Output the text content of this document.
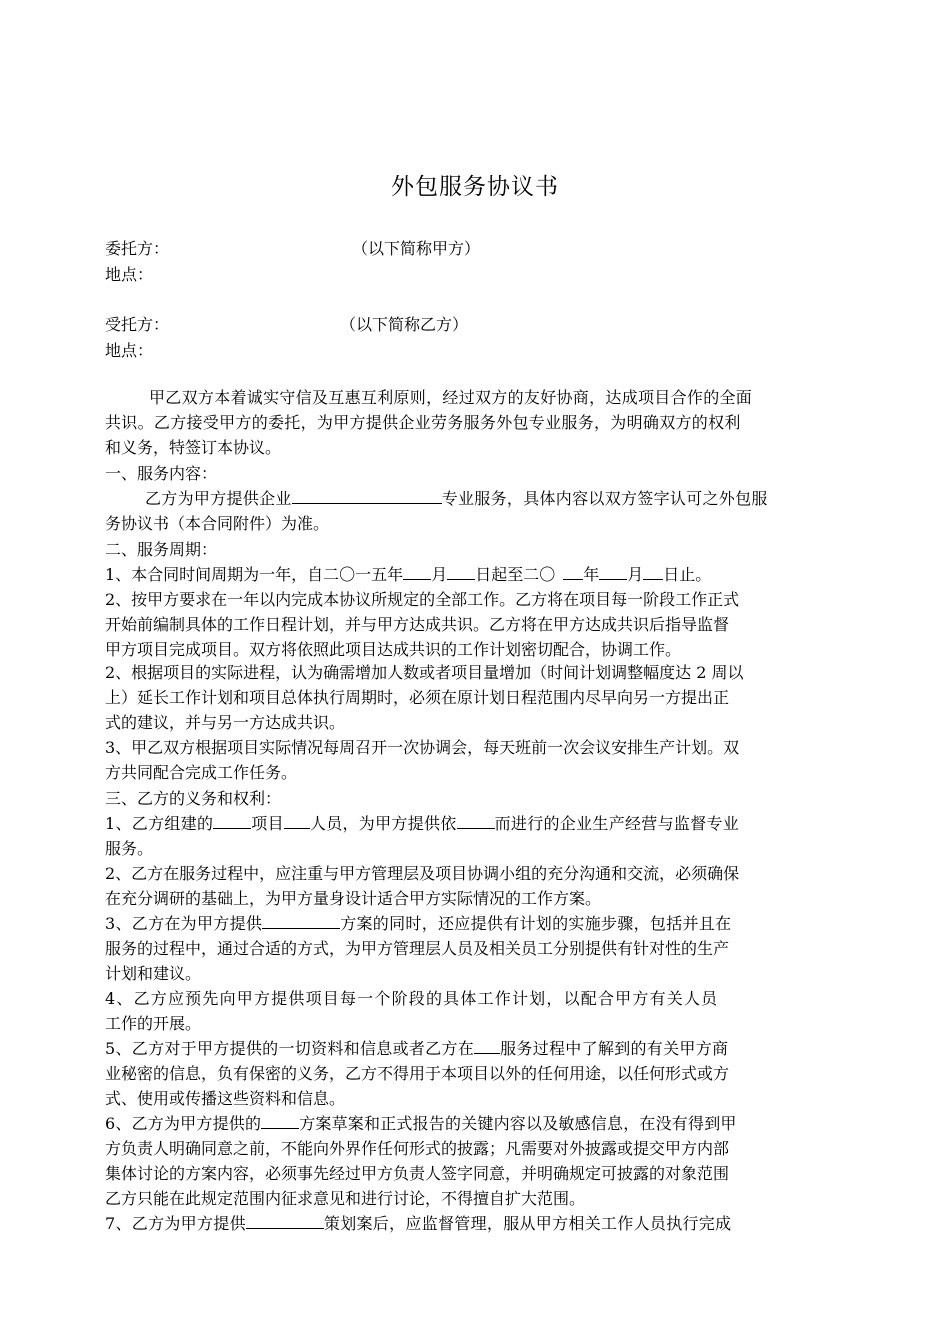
外包服务协议书
委托方：	（以下简称甲方）
地点：
受托方：	（以下简称乙方）
地点：
甲乙双方本着诚实守信及互惠互利原则，经过双方的友好协商，达成项目合作的全面
共识。乙方接受甲方的委托，为甲方提供企业劳务服务外包专业服务，为明确双方的权利
和义务，特签订本协议。
一、服务内容：
乙方为甲方提供企业	专业服务，具体内容以双方签字认可之外包服
务协议书（本合同附件）为准。
二、服务周期：
1、本合同时间周期为一年，自二〇一五年 月 日起至二〇 年 月 日止。
2、按甲方要求在一年以内完成本协议所规定的全部工作。乙方将在项目每一阶段工作正式
开始前编制具体的工作日程计划，并与甲方达成共识。乙方将在甲方达成共识后指导监督
甲方项目完成项目。双方将依照此项目达成共识的工作计划密切配合，协调工作。
2、根据项目的实际进程，认为确需增加人数或者项目量增加（时间计划调整幅度达 2 周以
上）延长工作计划和项目总体执行周期时，必须在原计划日程范围内尽早向另一方提出正
式的建议，并与另一方达成共识。
3、甲乙双方根据项目实际情况每周召开一次协调会，每天班前一次会议安排生产计划。双
方共同配合完成工作任务。
三、乙方的义务和权利：
1、乙方组建的 项目 人员，为甲方提供依 而进行的企业生产经营与监督专业
服务。
2、乙方在服务过程中，应注重与甲方管理层及项目协调小组的充分沟通和交流，必须确保
在充分调研的基础上，为甲方量身设计适合甲方实际情况的工作方案。
3、乙方在为甲方提供	方案的同时，还应提供有计划的实施步骤，包括并且在
服务的过程中，通过合适的方式，为甲方管理层人员及相关员工分别提供有针对性的生产
计划和建议。
4、乙方应预先向甲方提供项目每一个阶段的具体工作计划，以配合甲方有关人员
工作的开展。
5、乙方对于甲方提供的一切资料和信息或者乙方在 服务过程中了解到的有关甲方商
业秘密的信息，负有保密的义务，乙方不得用于本项目以外的任何用途，以任何形式或方
式、使用或传播这些资料和信息。
6、乙方为甲方提供的 方案草案和正式报告的关键内容以及敏感信息，在没有得到甲
方负责人明确同意之前，不能向外界作任何形式的披露；凡需要对外披露或提交甲方内部
集体讨论的方案内容，必须事先经过甲方负责人签字同意，并明确规定可披露的对象范围
乙方只能在此规定范围内征求意见和进行讨论，不得擅自扩大范围。
7、乙方为甲方提供	策划案后，应监督管理，服从甲方相关工作人员执行完成
